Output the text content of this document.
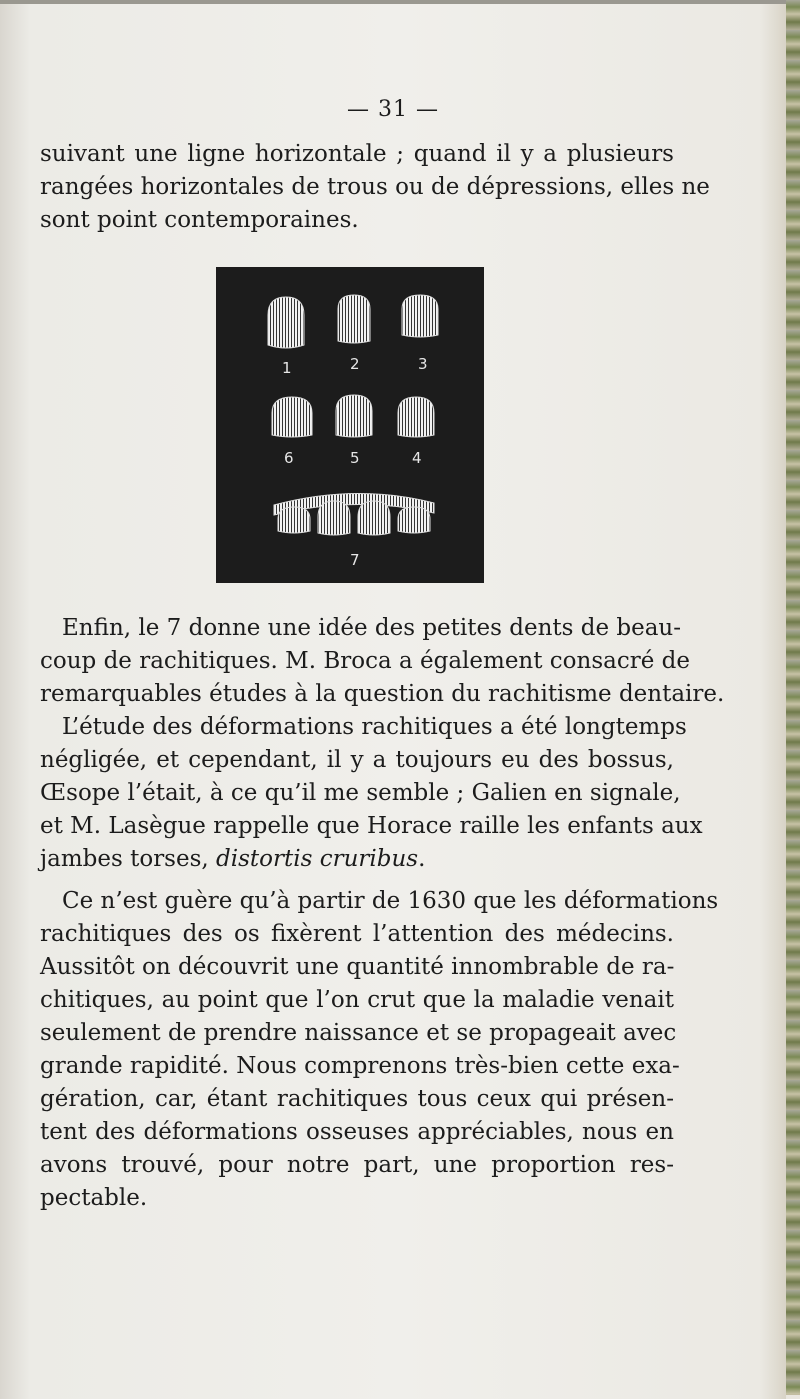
— 31 —

suivant une ligne horizontale ; quand il y a plusieurs
rangées horizontales de trous ou de dépressions, elles ne
sont point contemporaines.

1	2	3
6	5	4
7

Enfin, le 7 donne une idée des petites dents de beau-

coup de rachitiques. M. Broca a également consacré de
remarquables études à la question du rachitisme dentaire.

L’étude des déformations rachitiques a été longtemps

négligée, et cependant, il y a toujours eu des bossus,
Œsope l’était, à ce qu’il me semble ; Galien en signale,
et M. Lasègue rappelle que Horace raille les enfants aux
jambes torses, distortis cruribus.

Ce n’est guère qu’à partir de 1630 que les déformations

rachitiques des os fixèrent l’attention des médecins.
Aussitôt on découvrit une quantité innombrable de ra-
chitiques, au point que l’on crut que la maladie venait
seulement de prendre naissance et se propageait avec
grande rapidité. Nous comprenons très-bien cette exa-
gération, car, étant rachitiques tous ceux qui présen-
tent des déformations osseuses appréciables, nous en
avons trouvé, pour notre part, une proportion res-
pectable.
